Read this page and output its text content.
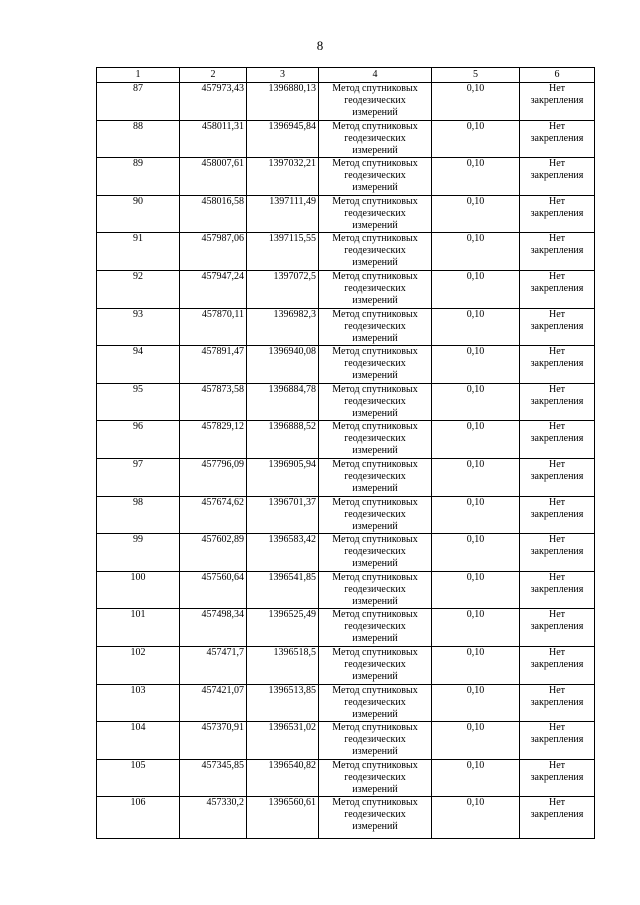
8
1	2	3	4	5	6
87	457973,43	1396880,13	Метод спутниковых геодезических измерений	0,10	Нет закрепления
88	458011,31	1396945,84	Метод спутниковых геодезических измерений	0,10	Нет закрепления
89	458007,61	1397032,21	Метод спутниковых геодезических измерений	0,10	Нет закрепления
90	458016,58	1397111,49	Метод спутниковых геодезических измерений	0,10	Нет закрепления
91	457987,06	1397115,55	Метод спутниковых геодезических измерений	0,10	Нет закрепления
92	457947,24	1397072,5	Метод спутниковых геодезических измерений	0,10	Нет закрепления
93	457870,11	1396982,3	Метод спутниковых геодезических измерений	0,10	Нет закрепления
94	457891,47	1396940,08	Метод спутниковых геодезических измерений	0,10	Нет закрепления
95	457873,58	1396884,78	Метод спутниковых геодезических измерений	0,10	Нет закрепления
96	457829,12	1396888,52	Метод спутниковых геодезических измерений	0,10	Нет закрепления
97	457796,09	1396905,94	Метод спутниковых геодезических измерений	0,10	Нет закрепления
98	457674,62	1396701,37	Метод спутниковых геодезических измерений	0,10	Нет закрепления
99	457602,89	1396583,42	Метод спутниковых геодезических измерений	0,10	Нет закрепления
100	457560,64	1396541,85	Метод спутниковых геодезических измерений	0,10	Нет закрепления
101	457498,34	1396525,49	Метод спутниковых геодезических измерений	0,10	Нет закрепления
102	457471,7	1396518,5	Метод спутниковых геодезических измерений	0,10	Нет закрепления
103	457421,07	1396513,85	Метод спутниковых геодезических измерений	0,10	Нет закрепления
104	457370,91	1396531,02	Метод спутниковых геодезических измерений	0,10	Нет закрепления
105	457345,85	1396540,82	Метод спутниковых геодезических измерений	0,10	Нет закрепления
106	457330,2	1396560,61	Метод спутниковых геодезических измерений	0,10	Нет закрепления
